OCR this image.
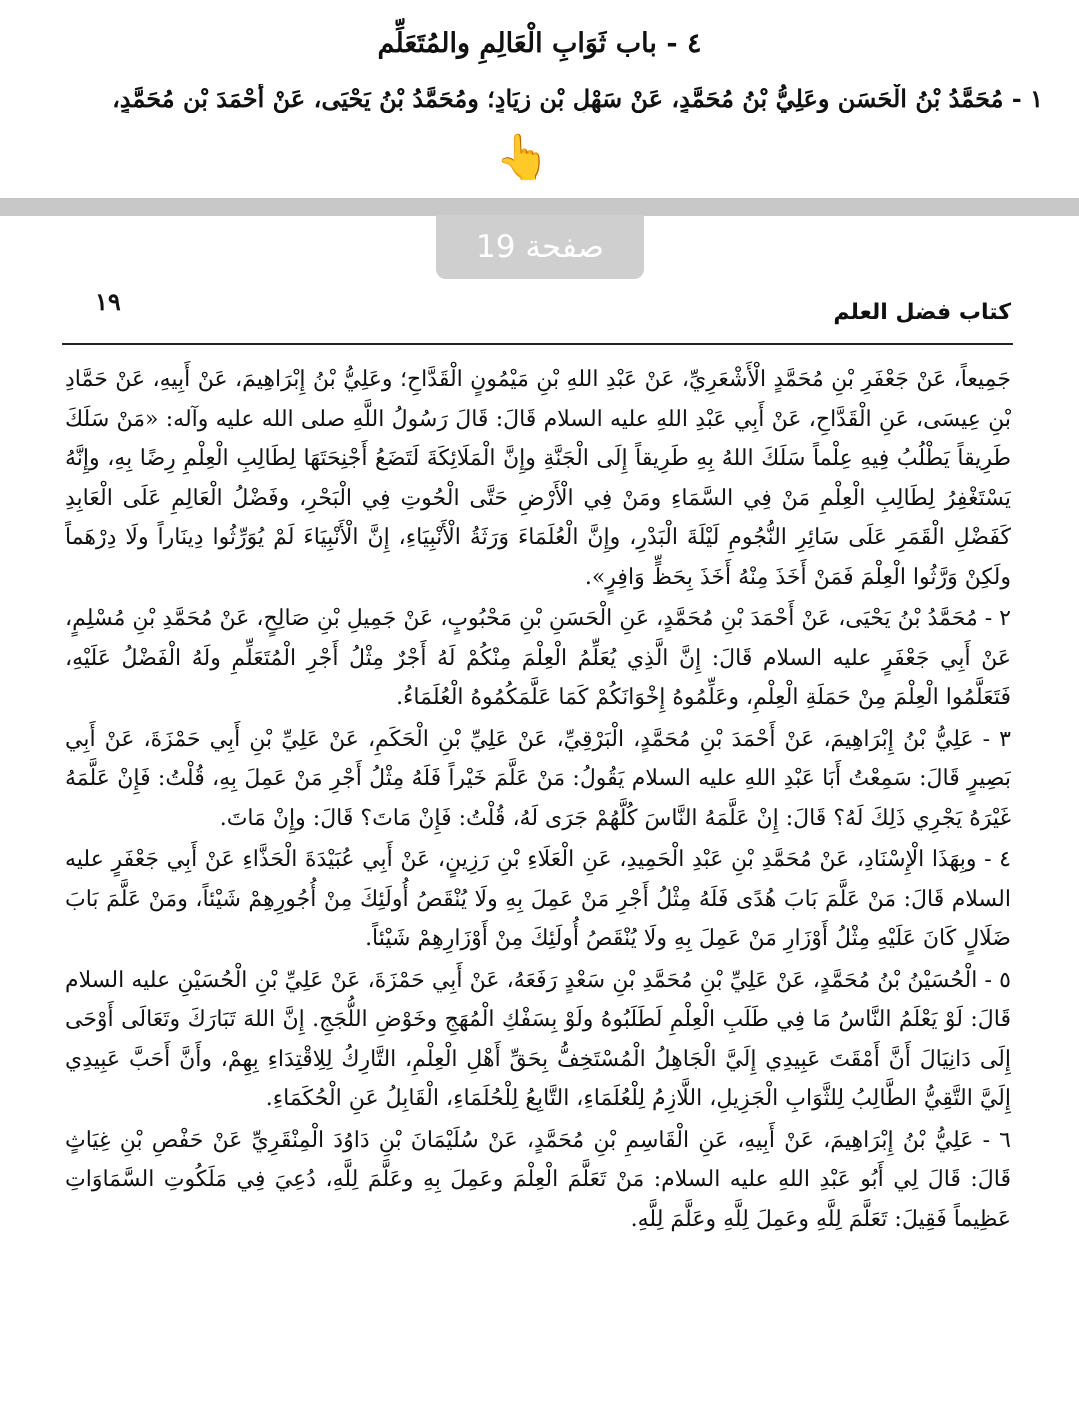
٤ - باب ثَوَابِ الْعَالِمِ والمُتَعَلِّم
١ - مُحَمَّدُ بْنُ الْحَسَنِ وعَلِيُّ بْنُ مُحَمَّدٍ، عَنْ سَهْلِ بْنِ زِيَادٍ؛ ومُحَمَّدُ بْنُ يَحْيَى، عَنْ أَحْمَدَ بْنِ مُحَمَّدٍ،
👆
صفحة 19
١٩	كتاب فضل العلم

جَمِيعاً، عَنْ جَعْفَرِ بْنِ مُحَمَّدٍ الْأَشْعَرِيِّ، عَنْ عَبْدِ اللهِ بْنِ مَيْمُونٍ الْقَدَّاحِ؛ وعَلِيُّ بْنُ إِبْرَاهِيمَ، عَنْ أَبِيهِ، عَنْ حَمَّادِ بْنِ عِيسَى، عَنِ الْقَدَّاحِ، عَنْ أَبِي عَبْدِ اللهِ عليه السلام قَالَ: قَالَ رَسُولُ اللَّهِ صلى الله عليه وآله: «مَنْ سَلَكَ طَرِيقاً يَطْلُبُ فِيهِ عِلْماً سَلَكَ اللهُ بِهِ طَرِيقاً إِلَى الْجَنَّةِ وإِنَّ الْمَلَائِكَةَ لَتَضَعُ أَجْنِحَتَهَا لِطَالِبِ الْعِلْمِ رِضًا بِهِ، وإِنَّهُ يَسْتَغْفِرُ لِطَالِبِ الْعِلْمِ مَنْ فِي السَّمَاءِ ومَنْ فِي الْأَرْضِ حَتَّى الْحُوتِ فِي الْبَحْرِ، وفَضْلُ الْعَالِمِ عَلَى الْعَابِدِ كَفَضْلِ الْقَمَرِ عَلَى سَائِرِ النُّجُومِ لَيْلَةَ الْبَدْرِ، وإِنَّ الْعُلَمَاءَ وَرَثَةُ الْأَنْبِيَاءِ، إِنَّ الْأَنْبِيَاءَ لَمْ يُوَرِّثُوا دِينَاراً ولَا دِرْهَماً ولَكِنْ وَرَّثُوا الْعِلْمَ فَمَنْ أَخَذَ مِنْهُ أَخَذَ بِحَظٍّ وَافِرٍ».

٢ - مُحَمَّدُ بْنُ يَحْيَى، عَنْ أَحْمَدَ بْنِ مُحَمَّدٍ، عَنِ الْحَسَنِ بْنِ مَحْبُوبٍ، عَنْ جَمِيلِ بْنِ صَالِحٍ، عَنْ مُحَمَّدِ بْنِ مُسْلِمٍ، عَنْ أَبِي جَعْفَرٍ عليه السلام قَالَ: إِنَّ الَّذِي يُعَلِّمُ الْعِلْمَ مِنْكُمْ لَهُ أَجْرٌ مِثْلُ أَجْرِ الْمُتَعَلِّمِ ولَهُ الْفَضْلُ عَلَيْهِ، فَتَعَلَّمُوا الْعِلْمَ مِنْ حَمَلَةِ الْعِلْمِ، وعَلِّمُوهُ إِخْوَانَكُمْ كَمَا عَلَّمَكُمُوهُ الْعُلَمَاءُ.

٣ - عَلِيُّ بْنُ إِبْرَاهِيمَ، عَنْ أَحْمَدَ بْنِ مُحَمَّدٍ، الْبَرْقِيِّ، عَنْ عَلِيِّ بْنِ الْحَكَمِ، عَنْ عَلِيِّ بْنِ أَبِي حَمْزَةَ، عَنْ أَبِي بَصِيرٍ قَالَ: سَمِعْتُ أَبَا عَبْدِ اللهِ عليه السلام يَقُولُ: مَنْ عَلَّمَ خَيْراً فَلَهُ مِثْلُ أَجْرِ مَنْ عَمِلَ بِهِ، قُلْتُ: فَإِنْ عَلَّمَهُ غَيْرَهُ يَجْرِي ذَلِكَ لَهُ؟ قَالَ: إِنْ عَلَّمَهُ النَّاسَ كُلَّهُمْ جَرَى لَهُ، قُلْتُ: فَإِنْ مَاتَ؟ قَالَ: وإِنْ مَاتَ.

٤ - وبِهَذَا الْإِسْنَادِ، عَنْ مُحَمَّدِ بْنِ عَبْدِ الْحَمِيدِ، عَنِ الْعَلَاءِ بْنِ رَزِينٍ، عَنْ أَبِي عُبَيْدَةَ الْحَذَّاءِ عَنْ أَبِي جَعْفَرٍ عليه السلام قَالَ: مَنْ عَلَّمَ بَابَ هُدًى فَلَهُ مِثْلُ أَجْرِ مَنْ عَمِلَ بِهِ ولَا يُنْقَصُ أُولَئِكَ مِنْ أُجُورِهِمْ شَيْئاً، ومَنْ عَلَّمَ بَابَ ضَلَالٍ كَانَ عَلَيْهِ مِثْلُ أَوْزَارِ مَنْ عَمِلَ بِهِ ولَا يُنْقَصُ أُولَئِكَ مِنْ أَوْزَارِهِمْ شَيْئاً.

٥ - الْحُسَيْنُ بْنُ مُحَمَّدٍ، عَنْ عَلِيِّ بْنِ مُحَمَّدِ بْنِ سَعْدٍ رَفَعَهُ، عَنْ أَبِي حَمْزَةَ، عَنْ عَلِيِّ بْنِ الْحُسَيْنِ عليه السلام قَالَ: لَوْ يَعْلَمُ النَّاسُ مَا فِي طَلَبِ الْعِلْمِ لَطَلَبُوهُ ولَوْ بِسَفْكِ الْمُهَجِ وخَوْضِ اللُّجَجِ. إِنَّ اللهَ تَبَارَكَ وتَعَالَى أَوْحَى إِلَى دَانِيَالَ أَنَّ أَمْقَتَ عَبِيدِي إِلَيَّ الْجَاهِلُ الْمُسْتَخِفُّ بِحَقِّ أَهْلِ الْعِلْمِ، التَّارِكُ لِلِاقْتِدَاءِ بِهِمْ، وأَنَّ أَحَبَّ عَبِيدِي إِلَيَّ التَّقِيُّ الطَّالِبُ لِلثَّوَابِ الْجَزِيلِ، اللَّازِمُ لِلْعُلَمَاءِ، التَّابِعُ لِلْحُلَمَاءِ، الْقَابِلُ عَنِ الْحُكَمَاءِ.

٦ - عَلِيُّ بْنُ إِبْرَاهِيمَ، عَنْ أَبِيهِ، عَنِ الْقَاسِمِ بْنِ مُحَمَّدٍ، عَنْ سُلَيْمَانَ بْنِ دَاوُدَ الْمِنْقَرِيِّ عَنْ حَفْصِ بْنِ غِيَاثٍ قَالَ: قَالَ لِي أَبُو عَبْدِ اللهِ عليه السلام: مَنْ تَعَلَّمَ الْعِلْمَ وعَمِلَ بِهِ وعَلَّمَ لِلَّهِ، دُعِيَ فِي مَلَكُوتِ السَّمَاوَاتِ عَظِيماً فَقِيلَ: تَعَلَّمَ لِلَّهِ وعَمِلَ لِلَّهِ وعَلَّمَ لِلَّهِ.
